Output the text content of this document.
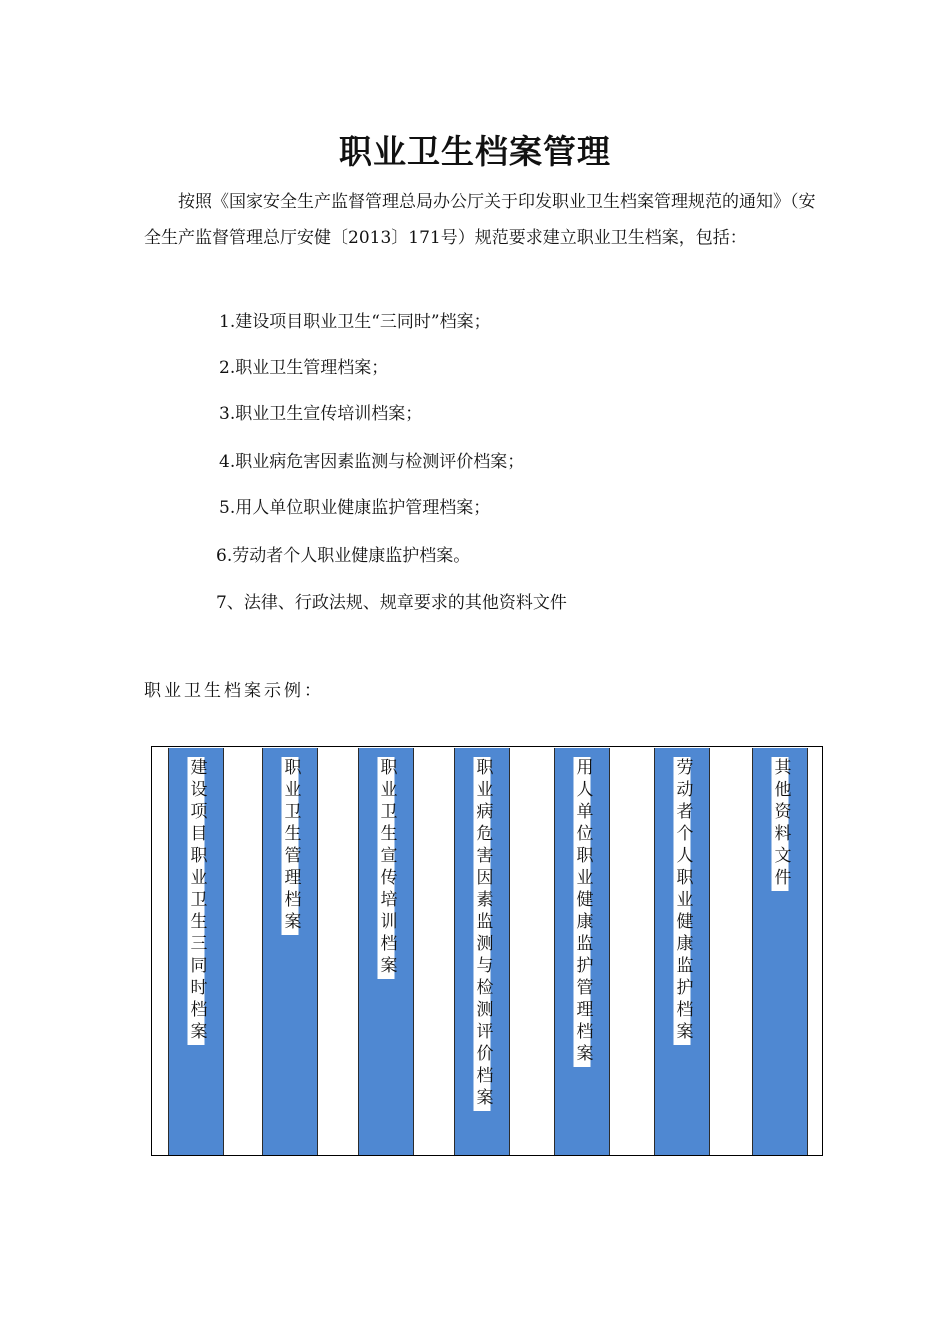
职业卫生档案管理

按照《国家安全生产监督管理总局办公厅关于印发职业卫生档案管理规范的通知》（安全生产监督管理总厅安健〔2013〕171号）规范要求建立职业卫生档案，包括：

1.建设项目职业卫生“三同时”档案；

2.职业卫生管理档案；

3.职业卫生宣传培训档案；

4.职业病危害因素监测与检测评价档案；

5.用人单位职业健康监护管理档案；

6.劳动者个人职业健康监护档案。

7、法律、行政法规、规章要求的其他资料文件

职业卫生档案示例：

建设项目职业卫生三同时档案	职业卫生管理档案	职业卫生宣传培训档案	职业病危害因素监测与检测评价档案	用人单位职业健康监护管理档案	劳动者个人职业健康监护档案	其他资料文件
